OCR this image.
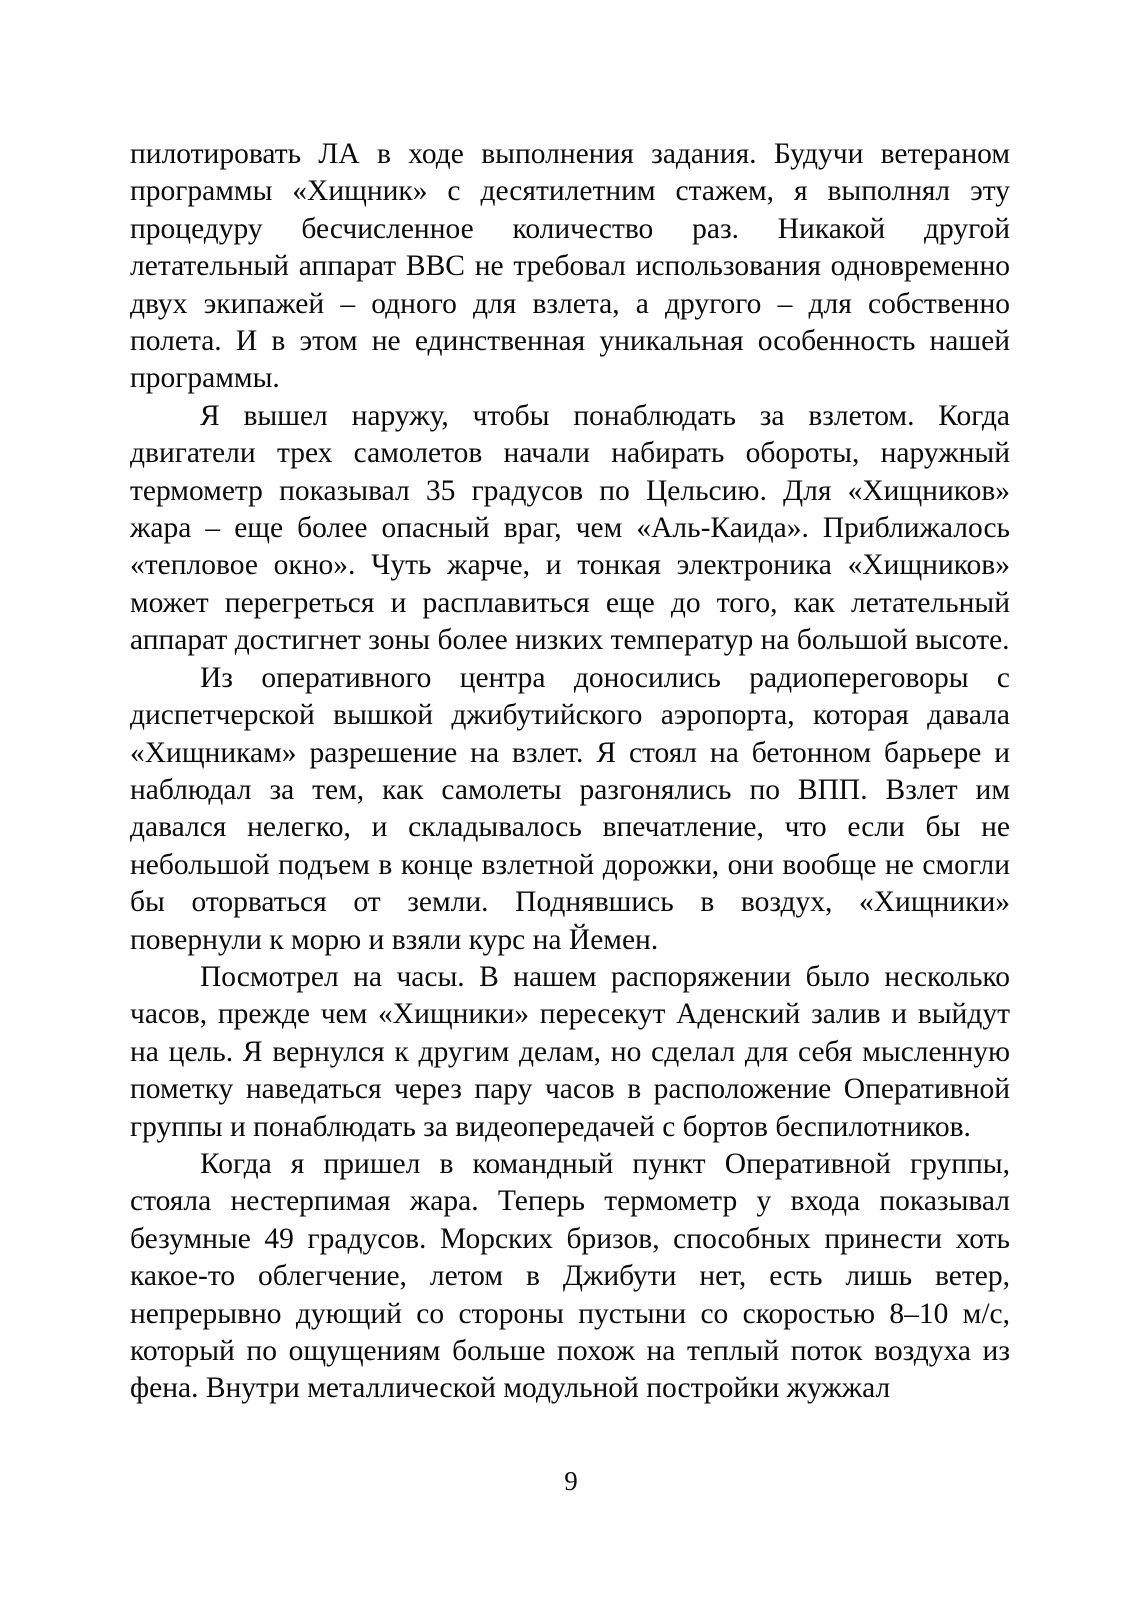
пилотировать ЛА в ходе выполнения задания. Будучи ветераном программы «Хищник» с десятилетним стажем, я выполнял эту процедуру бесчисленное количество раз. Никакой другой летательный аппарат ВВС не требовал использования одновременно двух экипажей – одного для взлета, а другого – для собственно полета. И в этом не единственная уникальная особенность нашей программы.

Я вышел наружу, чтобы понаблюдать за взлетом. Когда двигатели трех самолетов начали набирать обороты, наружный термометр показывал 35 градусов по Цельсию. Для «Хищников» жара – еще более опасный враг, чем «Аль-Каида». Приближалось «тепловое окно». Чуть жарче, и тонкая электроника «Хищников» может перегреться и расплавиться еще до того, как летательный аппарат достигнет зоны более низких температур на большой высоте.

Из оперативного центра доносились радиопереговоры с диспетчерской вышкой джибутийского аэропорта, которая давала «Хищникам» разрешение на взлет. Я стоял на бетонном барьере и наблюдал за тем, как самолеты разгонялись по ВПП. Взлет им давался нелегко, и складывалось впечатление, что если бы не небольшой подъем в конце взлетной дорожки, они вообще не смогли бы оторваться от земли. Поднявшись в воздух, «Хищники» повернули к морю и взяли курс на Йемен.

Посмотрел на часы. В нашем распоряжении было несколько часов, прежде чем «Хищники» пересекут Аденский залив и выйдут на цель. Я вернулся к другим делам, но сделал для себя мысленную пометку наведаться через пару часов в расположение Оперативной группы и понаблюдать за видеопередачей с бортов беспилотников.

Когда я пришел в командный пункт Оперативной группы, стояла нестерпимая жара. Теперь термометр у входа показывал безумные 49 градусов. Морских бризов, способных принести хоть какое-то облегчение, летом в Джибути нет, есть лишь ветер, непрерывно дующий со стороны пустыни со скоростью 8–10 м/с, который по ощущениям больше похож на теплый поток воздуха из фена. Внутри металлической модульной постройки жужжал

9
